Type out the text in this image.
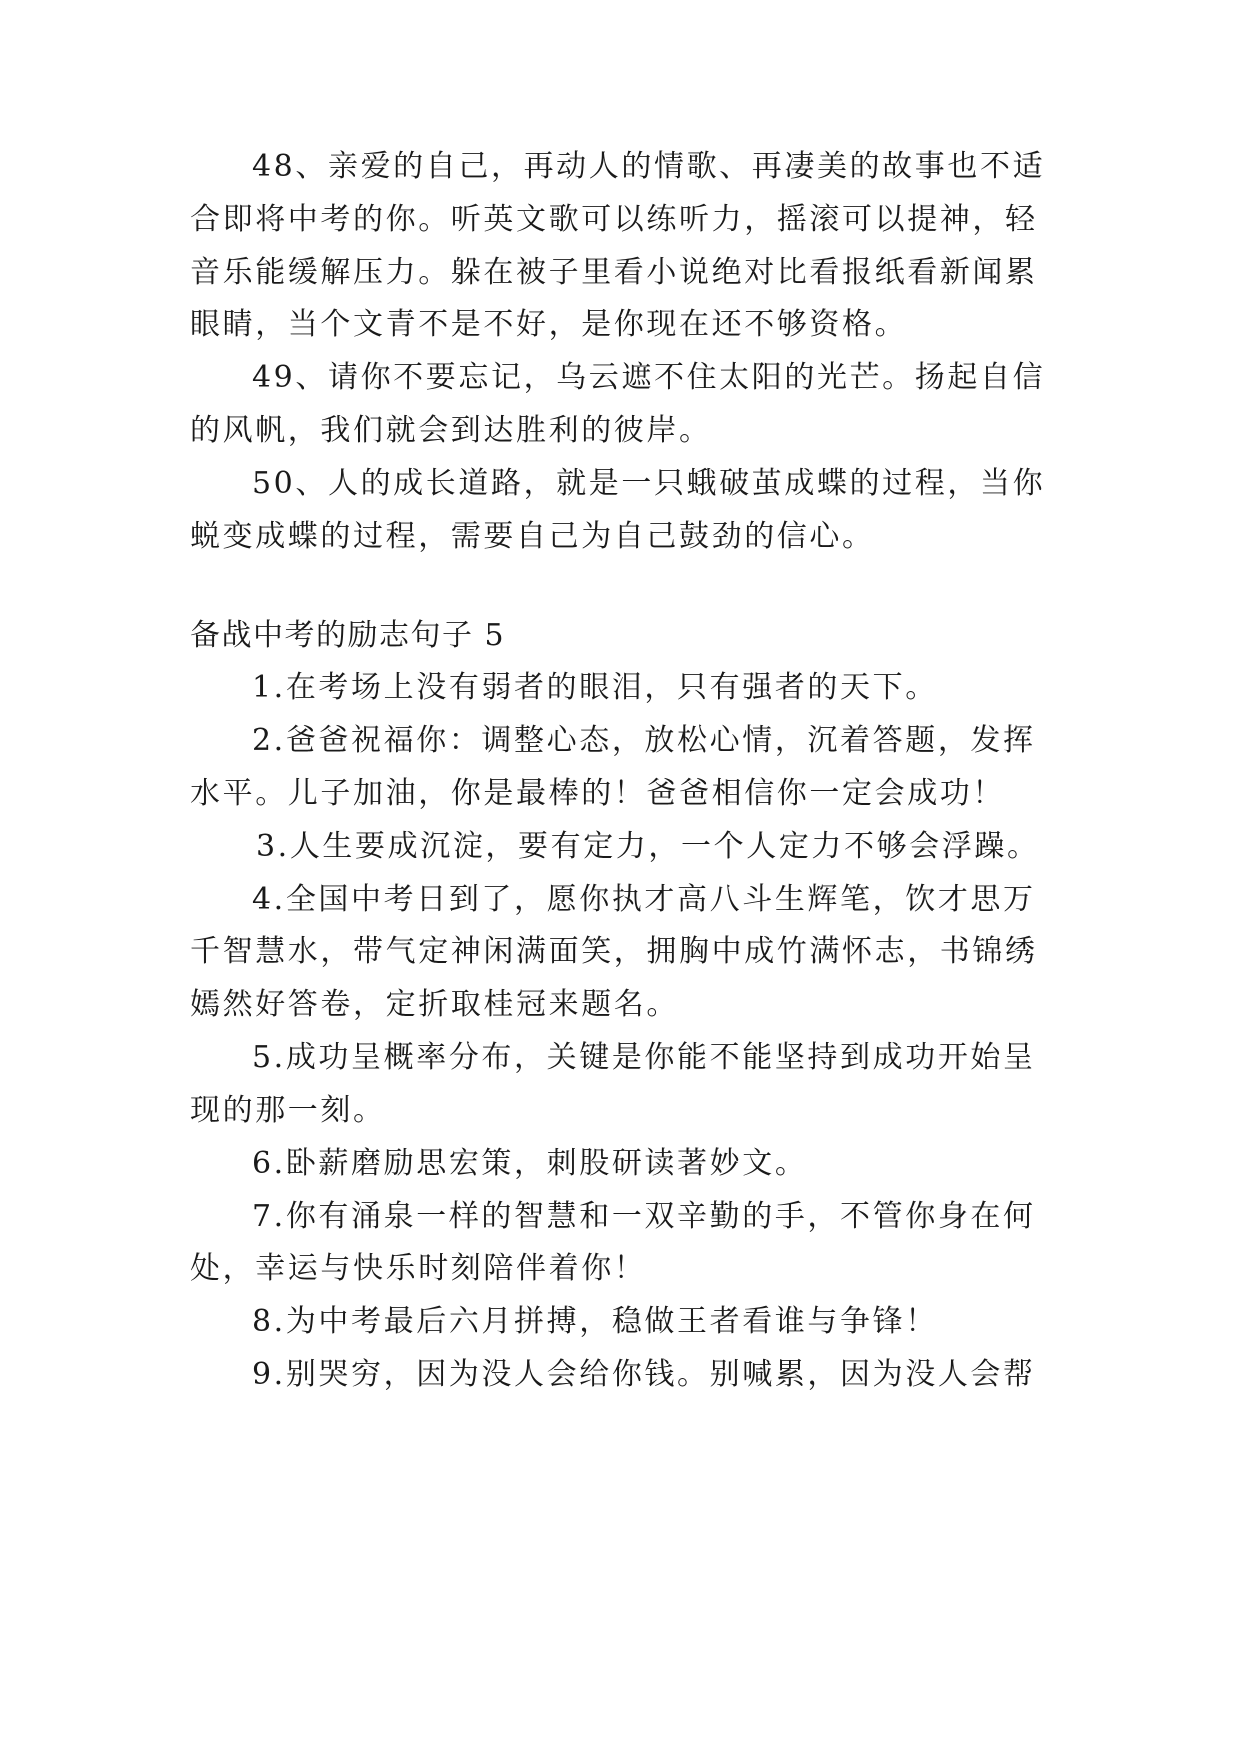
48、亲爱的自己，再动人的情歌、再凄美的故事也不适
合即将中考的你。听英文歌可以练听力，摇滚可以提神，轻
音乐能缓解压力。躲在被子里看小说绝对比看报纸看新闻累
眼睛，当个文青不是不好，是你现在还不够资格。
49、请你不要忘记，乌云遮不住太阳的光芒。扬起自信
的风帆，我们就会到达胜利的彼岸。
50、人的成长道路，就是一只蛾破茧成蝶的过程，当你
蜕变成蝶的过程，需要自己为自己鼓劲的信心。
备战中考的励志句子 5
1.在考场上没有弱者的眼泪，只有强者的天下。
2.爸爸祝福你：调整心态，放松心情，沉着答题，发挥
水平。儿子加油，你是最棒的！爸爸相信你一定会成功！
3.人生要成沉淀，要有定力，一个人定力不够会浮躁。
4.全国中考日到了，愿你执才高八斗生辉笔，饮才思万
千智慧水，带气定神闲满面笑，拥胸中成竹满怀志，书锦绣
嫣然好答卷，定折取桂冠来题名。
5.成功呈概率分布，关键是你能不能坚持到成功开始呈
现的那一刻。
6.卧薪磨励思宏策，刺股研读著妙文。
7.你有涌泉一样的智慧和一双辛勤的手，不管你身在何
处，幸运与快乐时刻陪伴着你！
8.为中考最后六月拼搏，稳做王者看谁与争锋！
9.别哭穷，因为没人会给你钱。别喊累，因为没人会帮
